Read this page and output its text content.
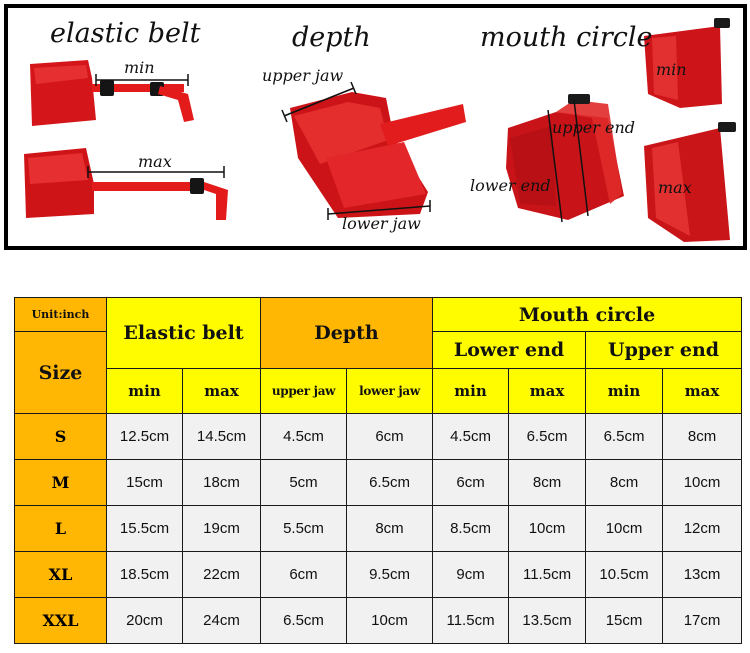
elastic belt	depth	mouth circle
min
max
upper jaw
lower jaw
upper end
lower end
min
max
Unit:inch	Elastic belt		Depth		Mouth circle			
Size					Lower end		Upper end	
	min	max	upper jaw	lower jaw	min	max	min	max
S	12.5cm	14.5cm	4.5cm	6cm	4.5cm	6.5cm	6.5cm	8cm
M	15cm	18cm	5cm	6.5cm	6cm	8cm	8cm	10cm
L	15.5cm	19cm	5.5cm	8cm	8.5cm	10cm	10cm	12cm
XL	18.5cm	22cm	6cm	9.5cm	9cm	11.5cm	10.5cm	13cm
XXL	20cm	24cm	6.5cm	10cm	11.5cm	13.5cm	15cm	17cm
